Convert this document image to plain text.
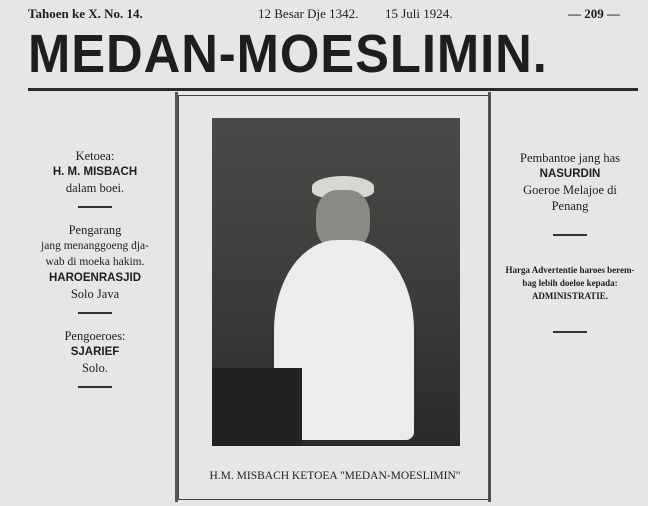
Tahoen ke X. No. 14.	12 Besar Dje 1342. 15 Juli 1924.	— 209 —
MEDAN-MOESLIMIN.
Ketoea:
H. M. MISBACH
dalam boei.
Pengarang
jang menanggoeng dja-
wab di moeka hakim.
HAROENRASJID
Solo Java
Pengoeroes:
SJARIEF
Solo.
H.M. MISBACH KETOEA "MEDAN-MOESLIMIN"
Pembantoe jang has
NASURDIN
Goeroe Melajoe di
Penang
Harga Advertentie haroes berem-
bag lebih doeloe kepada:
ADMINISTRATIE.
